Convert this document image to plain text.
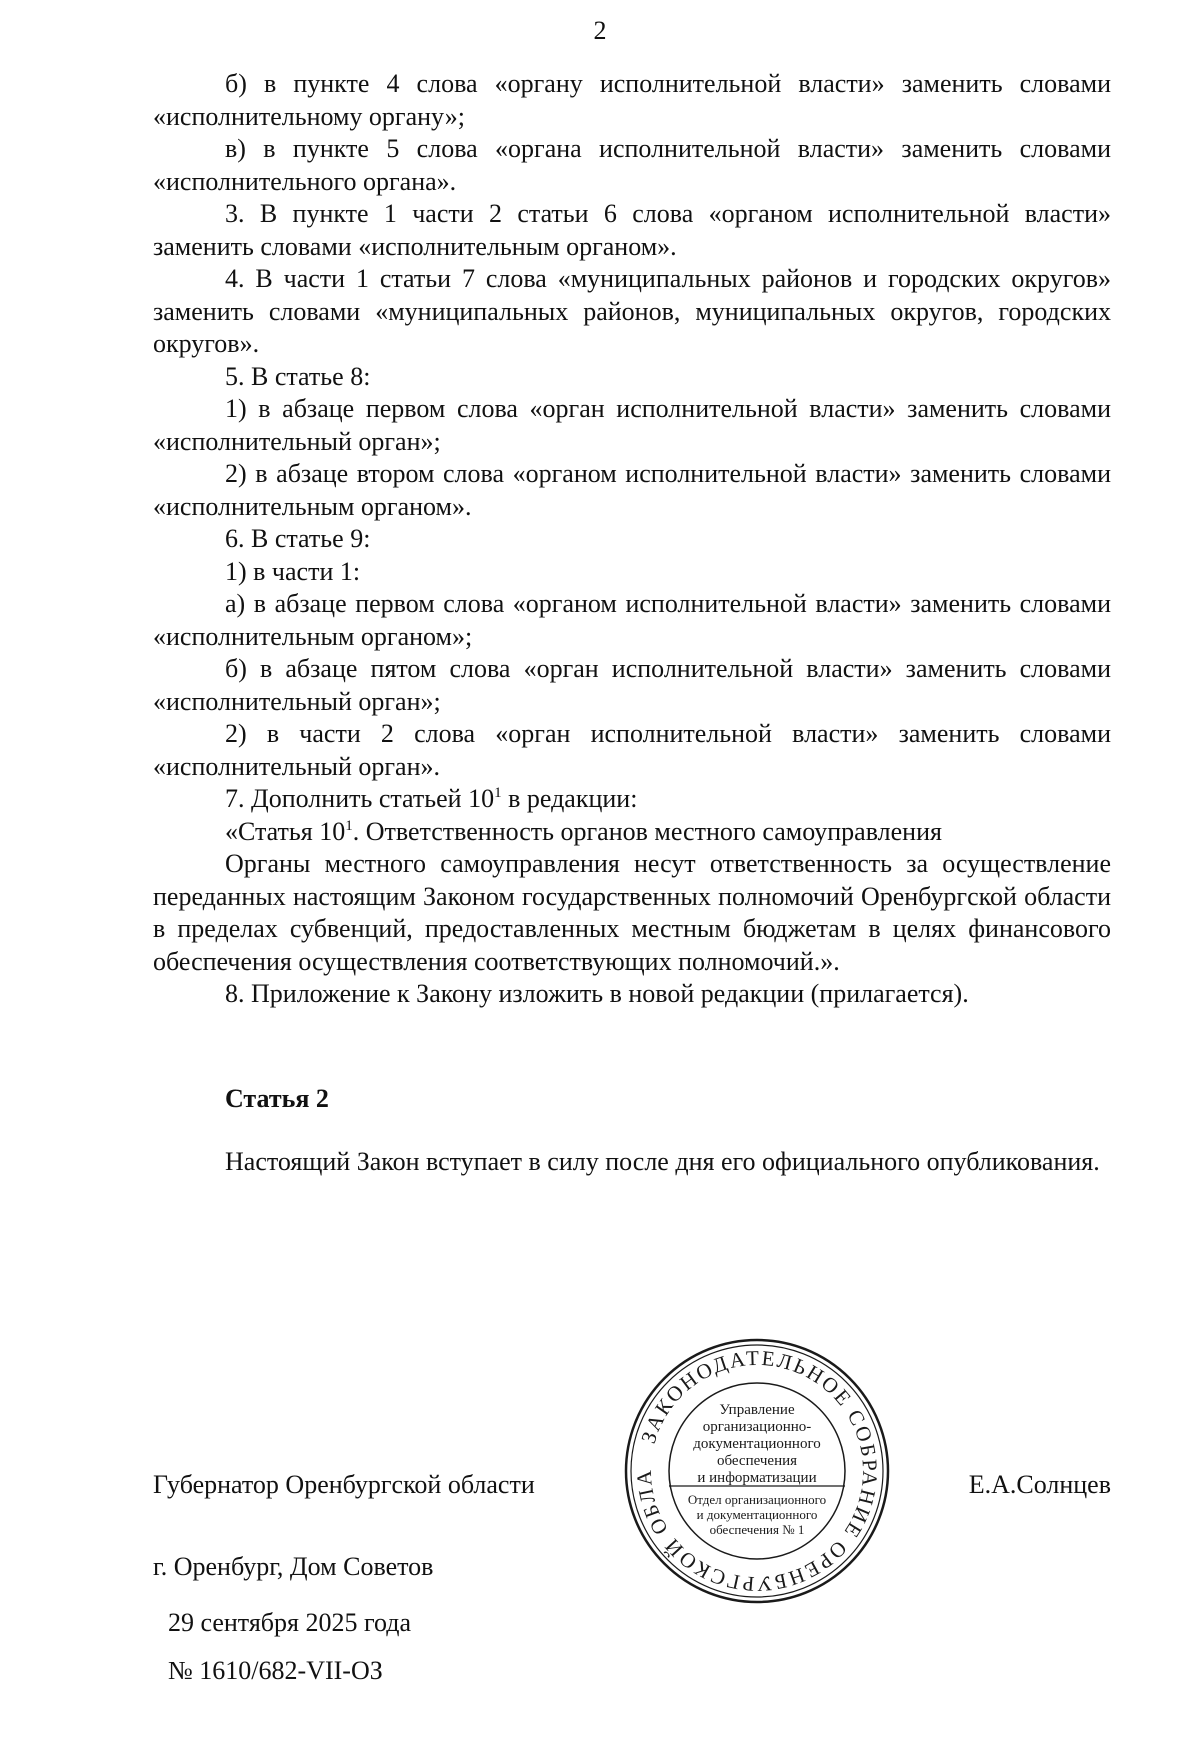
2

б) в пункте 4 слова «органу исполнительной власти» заменить словами «исполнительному органу»;

в) в пункте 5 слова «органа исполнительной власти» заменить словами «исполнительного органа».

3. В пункте 1 части 2 статьи 6 слова «органом исполнительной власти» заменить словами «исполнительным органом».

4. В части 1 статьи 7 слова «муниципальных районов и городских округов» заменить словами «муниципальных районов, муниципальных округов, городских округов».

5. В статье 8:

1) в абзаце первом слова «орган исполнительной власти» заменить словами «исполнительный орган»;

2) в абзаце втором слова «органом исполнительной власти» заменить словами «исполнительным органом».

6. В статье 9:

1) в части 1:

а) в абзаце первом слова «органом исполнительной власти» заменить словами «исполнительным органом»;

б) в абзаце пятом слова «орган исполнительной власти» заменить словами «исполнительный орган»;

2) в части 2 слова «орган исполнительной власти» заменить словами «исполнительный орган».

7. Дополнить статьей $10^1$ в редакции:

«Статья $10^1$. Ответственность органов местного самоуправления

Органы местного самоуправления несут ответственность за осуществление переданных настоящим Законом государственных полномочий Оренбургской области в пределах субвенций, предоставленных местным бюджетам в целях финансового обеспечения осуществления соответствующих полномочий.».

8. Приложение к Закону изложить в новой редакции (прилагается).

Статья 2

Настоящий Закон вступает в силу после дня его официального опубликования.

Губернатор Оренбургской области	Е.А.Солнцев
г. Оренбург, Дом Советов
29 сентября 2025 года
№ 1610/682-VII-ОЗ
ЗАКОНОДАТЕЛЬНОЕ СОБРАНИЕ ОРЕНБУРГСКОЙ ОБЛА
Управление
организационно-
документационного
обеспечения
и информатизации
Отдел организационного
и документационного
обеспечения № 1
